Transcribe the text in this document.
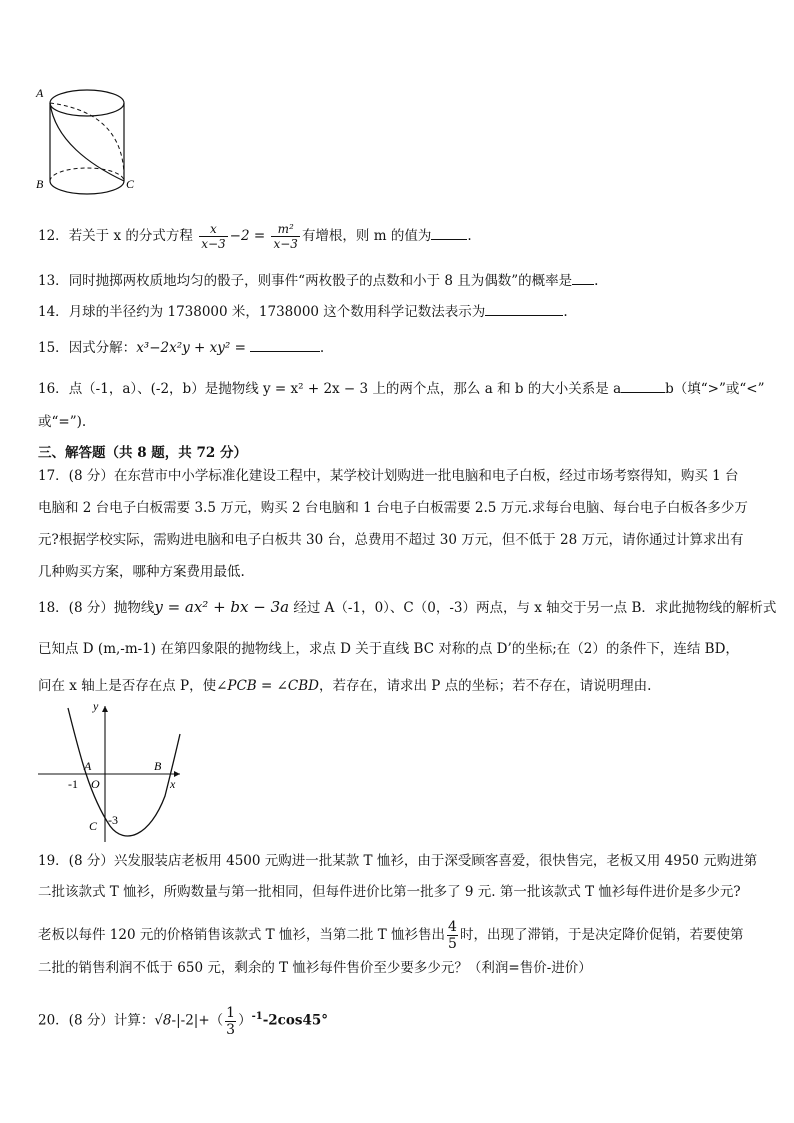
A
B	C
12．若关于 x 的分式方程 $\frac{x}{x-3} -2 = \frac{\text{m²}}{x-3}$ 有增根，则 m 的值为	.
13．同时抛掷两枚质地均匀的骰子，则事件“两枚骰子的点数和小于 8 且为偶数”的概率是 .
14．月球的半径约为 1738000 米，1738000 这个数用科学记数法表示为	.
15．因式分解：x³−2x²y + xy² =	.
16．点（-1，a）、(-2，b）是抛物线 y = x² + 2x − 3 上的两个点，那么 a 和 b 的大小关系是 a	b（填“>”或“<”
或“=”).
三、解答题（共 8 题，共 72 分）
17．(8 分）在东营市中小学标准化建设工程中，某学校计划购进一批电脑和电子白板，经过市场考察得知，购买 1 台
电脑和 2 台电子白板需要 3.5 万元，购买 2 台电脑和 1 台电子白板需要 2.5 万元.求每台电脑、每台电子白板各多少万
元?根据学校实际，需购进电脑和电子白板共 30 台，总费用不超过 30 万元，但不低于 28 万元，请你通过计算求出有
几种购买方案，哪种方案费用最低.
18．(8 分）抛物线y = ax² + bx − 3a 经过 A（-1，0）、C（0，-3）两点，与 x 轴交于另一点 B．求此抛物线的解析式
已知点 D (m,-m-1) 在第四象限的抛物线上，求点 D 关于直线 BC 对称的点 D’的坐标;在（2）的条件下，连结 BD，
问在 x 轴上是否存在点 P，使∠PCB = ∠CBD，若存在，请求出 P 点的坐标；若不存在，请说明理由.
y
x
A	B
C
O
-1
-3
19．(8 分）兴发服装店老板用 4500 元购进一批某款 T 恤衫，由于深受顾客喜爱，很快售完，老板又用 4950 元购进第
二批该款式 T 恤衫，所购数量与第一批相同，但每件进价比第一批多了 9 元. 第一批该款式 T 恤衫每件进价是多少元?
老板以每件 120 元的价格销售该款式 T 恤衫，当第二批 T 恤衫售出 $\frac{4}{5}$ 时，出现了滞销，于是决定降价促销，若要使第
二批的销售利润不低于 650 元，剩余的 T 恤衫每件售价至少要多少元？（利润=售价-进价）
20．(8 分）计算：$√8-|-2|+( \frac{1}{3} )^{-1}-2\cos 45^\circ$
